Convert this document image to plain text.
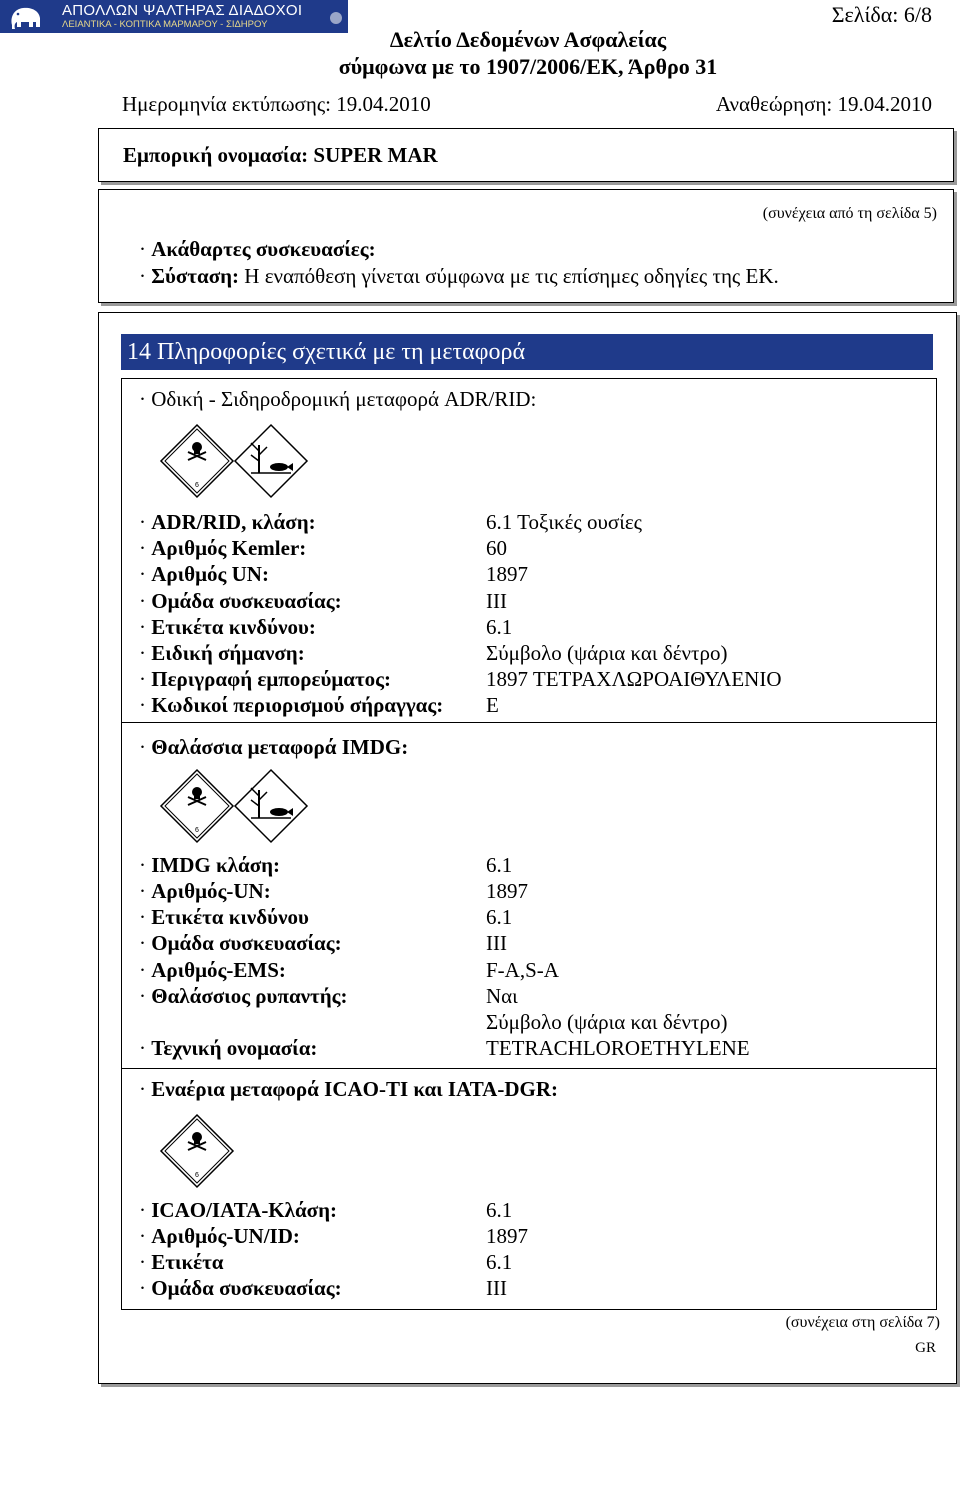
ΑΠΟΛΛΩΝ ΨΑΛΤΗΡΑΣ ΔΙΑΔΟΧΟΙ
ΛΕΙΑΝΤΙΚΑ - ΚΟΠΤΙΚΑ ΜΑΡΜΑΡΟΥ - ΣΙΔΗΡΟΥ	Σελίδα: 6/8
Δελτίο Δεδομένων Ασφαλείας
σύμφωνα με το 1907/2006/ΕΚ, Άρθρο 31
Ημερομηνία εκτύπωσης: 19.04.2010	Αναθεώρηση: 19.04.2010
Εμπορική ονομασία: SUPER MAR
(συνέχεια από τη σελίδα 5)
· Ακάθαρτες συσκευασίες:
· Σύσταση: Η εναπόθεση γίνεται σύμφωνα με τις επίσημες οδηγίες της ΕΚ.
14 Πληροφορίες σχετικά με τη μεταφορά
· Οδική - Σιδηροδρομική μεταφορά ADR/RID:
6
· ADR/RID, κλάση:	6.1 Τοξικές ουσίες
· Αριθμός Kemler:	60
· Αριθμός UN:	1897
· Ομάδα συσκευασίας:	III
· Ετικέτα κινδύνου:	6.1
· Ειδική σήμανση:	Σύμβολο (ψάρια και δέντρο)
· Περιγραφή εμπορεύματος:	1897 ΤΕΤΡΑΧΛΩΡΟΑΙΘΥΛΕΝΙΟ
· Κωδικοί περιορισμού σήραγγας: E
· Θαλάσσια μεταφορά IMDG:
6
· IMDG κλάση:	6.1
· Αριθμός-UN:	1897
· Ετικέτα κινδύνου	6.1
· Ομάδα συσκευασίας:	III
· Αριθμός-EMS:	F-A,S-A
· Θαλάσσιος ρυπαντής:	Ναι
Σύμβολο (ψάρια και δέντρο)
· Τεχνική ονομασία:	TETRACHLOROETHYLENE
· Εναέρια μεταφορά ICAO-TI και IATA-DGR:
6
· ICAO/IATA-Κλάση:	6.1
· Αριθμός-UN/ID:	1897
· Ετικέτα	6.1
· Ομάδα συσκευασίας:	III
(συνέχεια στη σελίδα 7)
GR
